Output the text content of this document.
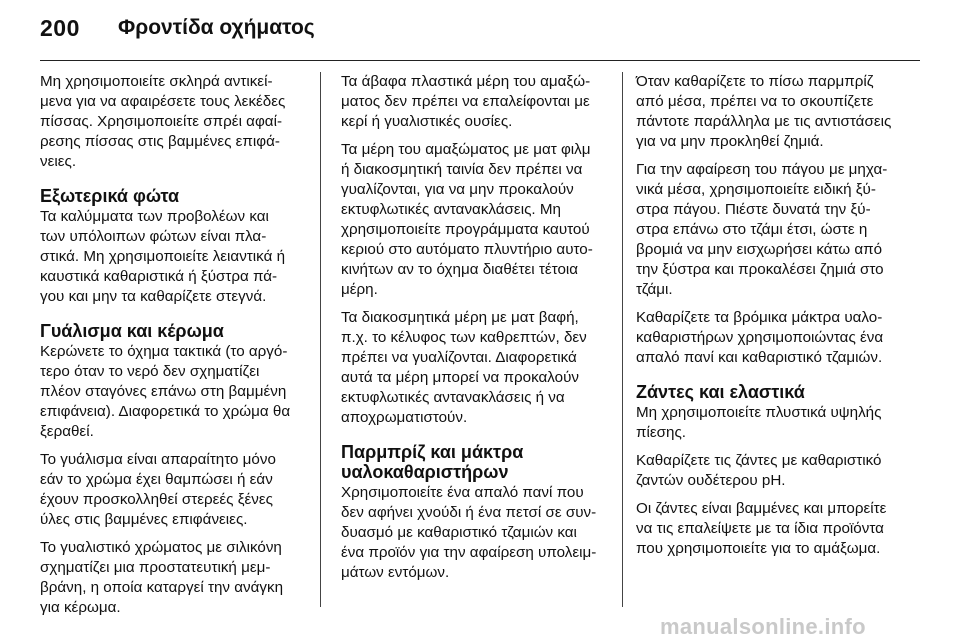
200 Φροντίδα οχήματος
Μη χρησιμοποιείτε σκληρά αντικεί-
μενα για να αφαιρέσετε τους λεκέδες
πίσσας. Χρησιμοποιείτε σπρέι αφαί-
ρεσης πίσσας στις βαμμένες επιφά-
νειες.
Εξωτερικά φώτα
Τα καλύμματα των προβολέων και
των υπόλοιπων φώτων είναι πλα-
στικά. Μη χρησιμοποιείτε λειαντικά ή
καυστικά καθαριστικά ή ξύστρα πά-
γου και μην τα καθαρίζετε στεγνά.
Γυάλισμα και κέρωμα
Κερώνετε το όχημα τακτικά (το αργό-
τερο όταν το νερό δεν σχηματίζει
πλέον σταγόνες επάνω στη βαμμένη
επιφάνεια). Διαφορετικά το χρώμα θα
ξεραθεί.
Το γυάλισμα είναι απαραίτητο μόνο
εάν το χρώμα έχει θαμπώσει ή εάν
έχουν προσκολληθεί στερεές ξένες
ύλες στις βαμμένες επιφάνειες.
Το γυαλιστικό χρώματος με σιλικόνη
σχηματίζει μια προστατευτική μεμ-
βράνη, η οποία καταργεί την ανάγκη
για κέρωμα.
Τα άβαφα πλαστικά μέρη του αμαξώ-
ματος δεν πρέπει να επαλείφονται με
κερί ή γυαλιστικές ουσίες.
Τα μέρη του αμαξώματος με ματ φιλμ
ή διακοσμητική ταινία δεν πρέπει να
γυαλίζονται, για να μην προκαλούν
εκτυφλωτικές αντανακλάσεις. Μη
χρησιμοποιείτε προγράμματα καυτού
κεριού στο αυτόματο πλυντήριο αυτο-
κινήτων αν το όχημα διαθέτει τέτοια
μέρη.
Τα διακοσμητικά μέρη με ματ βαφή,
π.χ. το κέλυφος των καθρεπτών, δεν
πρέπει να γυαλίζονται. Διαφορετικά
αυτά τα μέρη μπορεί να προκαλούν
εκτυφλωτικές αντανακλάσεις ή να
αποχρωματιστούν.
Παρμπρίζ και μάκτρα
υαλοκαθαριστήρων
Χρησιμοποιείτε ένα απαλό πανί που
δεν αφήνει χνούδι ή ένα πετσί σε συν-
δυασμό με καθαριστικό τζαμιών και
ένα προϊόν για την αφαίρεση υπολειμ-
μάτων εντόμων.
Όταν καθαρίζετε το πίσω παρμπρίζ
από μέσα, πρέπει να το σκουπίζετε
πάντοτε παράλληλα με τις αντιστάσεις
για να μην προκληθεί ζημιά.
Για την αφαίρεση του πάγου με μηχα-
νικά μέσα, χρησιμοποιείτε ειδική ξύ-
στρα πάγου. Πιέστε δυνατά την ξύ-
στρα επάνω στο τζάμι έτσι, ώστε η
βρομιά να μην εισχωρήσει κάτω από
την ξύστρα και προκαλέσει ζημιά στο
τζάμι.
Καθαρίζετε τα βρόμικα μάκτρα υαλο-
καθαριστήρων χρησιμοποιώντας ένα
απαλό πανί και καθαριστικό τζαμιών.
Ζάντες και ελαστικά
Μη χρησιμοποιείτε πλυστικά υψηλής
πίεσης.
Καθαρίζετε τις ζάντες με καθαριστικό
ζαντών ουδέτερου pH.
Οι ζάντες είναι βαμμένες και μπορείτε
να τις επαλείψετε με τα ίδια προϊόντα
που χρησιμοποιείτε για το αμάξωμα.
manualsonline.info
